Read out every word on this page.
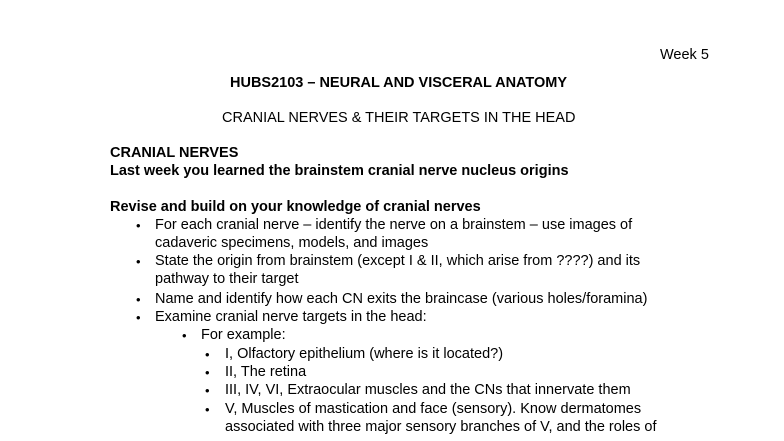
Week 5
HUBS2103 – NEURAL AND VISCERAL ANATOMY
CRANIAL NERVES & THEIR TARGETS IN THE HEAD
CRANIAL NERVES
Last week you learned the brainstem cranial nerve nucleus origins
Revise and build on your knowledge of cranial nerves
• For each cranial nerve – identify the nerve on a brainstem – use images of
cadaveric specimens, models, and images
• State the origin from brainstem (except I & II, which arise from ????) and its
pathway to their target
• Name and identify how each CN exits the braincase (various holes/foramina)
• Examine cranial nerve targets in the head:
• For example:
• I, Olfactory epithelium (where is it located?)
• II, The retina
• III, IV, VI, Extraocular muscles and the CNs that innervate them
• V, Muscles of mastication and face (sensory). Know dermatomes
associated with three major sensory branches of V, and the roles of
